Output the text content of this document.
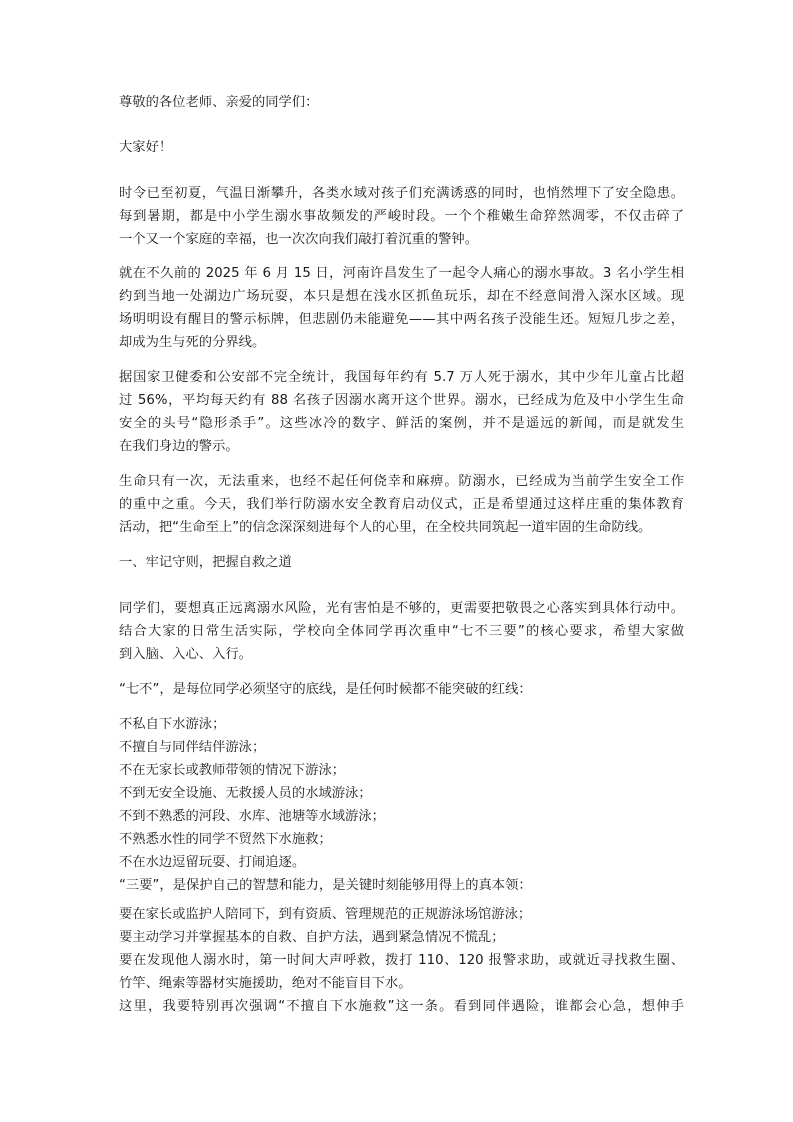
尊敬的各位老师、亲爱的同学们：
大家好！
时令已至初夏，气温日渐攀升，各类水域对孩子们充满诱惑的同时，也悄然埋下了安全隐患。
每到暑期，都是中小学生溺水事故频发的严峻时段。一个个稚嫩生命猝然凋零，不仅击碎了
一个又一个家庭的幸福，也一次次向我们敲打着沉重的警钟。
就在不久前的 2025 年 6 月 15 日，河南许昌发生了一起令人痛心的溺水事故。3 名小学生相
约到当地一处湖边广场玩耍，本只是想在浅水区抓鱼玩乐，却在不经意间滑入深水区域。现
场明明设有醒目的警示标牌，但悲剧仍未能避免——其中两名孩子没能生还。短短几步之差，
却成为生与死的分界线。
据国家卫健委和公安部不完全统计，我国每年约有 5.7 万人死于溺水，其中少年儿童占比超
过 56%，平均每天约有 88 名孩子因溺水离开这个世界。溺水，已经成为危及中小学生生命
安全的头号“隐形杀手”。这些冰冷的数字、鲜活的案例，并不是遥远的新闻，而是就发生
在我们身边的警示。
生命只有一次，无法重来，也经不起任何侥幸和麻痹。防溺水，已经成为当前学生安全工作
的重中之重。今天，我们举行防溺水安全教育启动仪式，正是希望通过这样庄重的集体教育
活动，把“生命至上”的信念深深刻进每个人的心里，在全校共同筑起一道牢固的生命防线。
一、牢记守则，把握自救之道
同学们，要想真正远离溺水风险，光有害怕是不够的，更需要把敬畏之心落实到具体行动中。
结合大家的日常生活实际，学校向全体同学再次重申“七不三要”的核心要求，希望大家做
到入脑、入心、入行。
“七不”，是每位同学必须坚守的底线，是任何时候都不能突破的红线：
不私自下水游泳；
不擅自与同伴结伴游泳；
不在无家长或教师带领的情况下游泳；
不到无安全设施、无救援人员的水域游泳；
不到不熟悉的河段、水库、池塘等水域游泳；
不熟悉水性的同学不贸然下水施救；
不在水边逗留玩耍、打闹追逐。
“三要”，是保护自己的智慧和能力，是关键时刻能够用得上的真本领：
要在家长或监护人陪同下，到有资质、管理规范的正规游泳场馆游泳；
要主动学习并掌握基本的自救、自护方法，遇到紧急情况不慌乱；
要在发现他人溺水时，第一时间大声呼救，拨打 110、120 报警求助，或就近寻找救生圈、
竹竿、绳索等器材实施援助，绝对不能盲目下水。
这里，我要特别再次强调“不擅自下水施救”这一条。看到同伴遇险，谁都会心急，想伸手
